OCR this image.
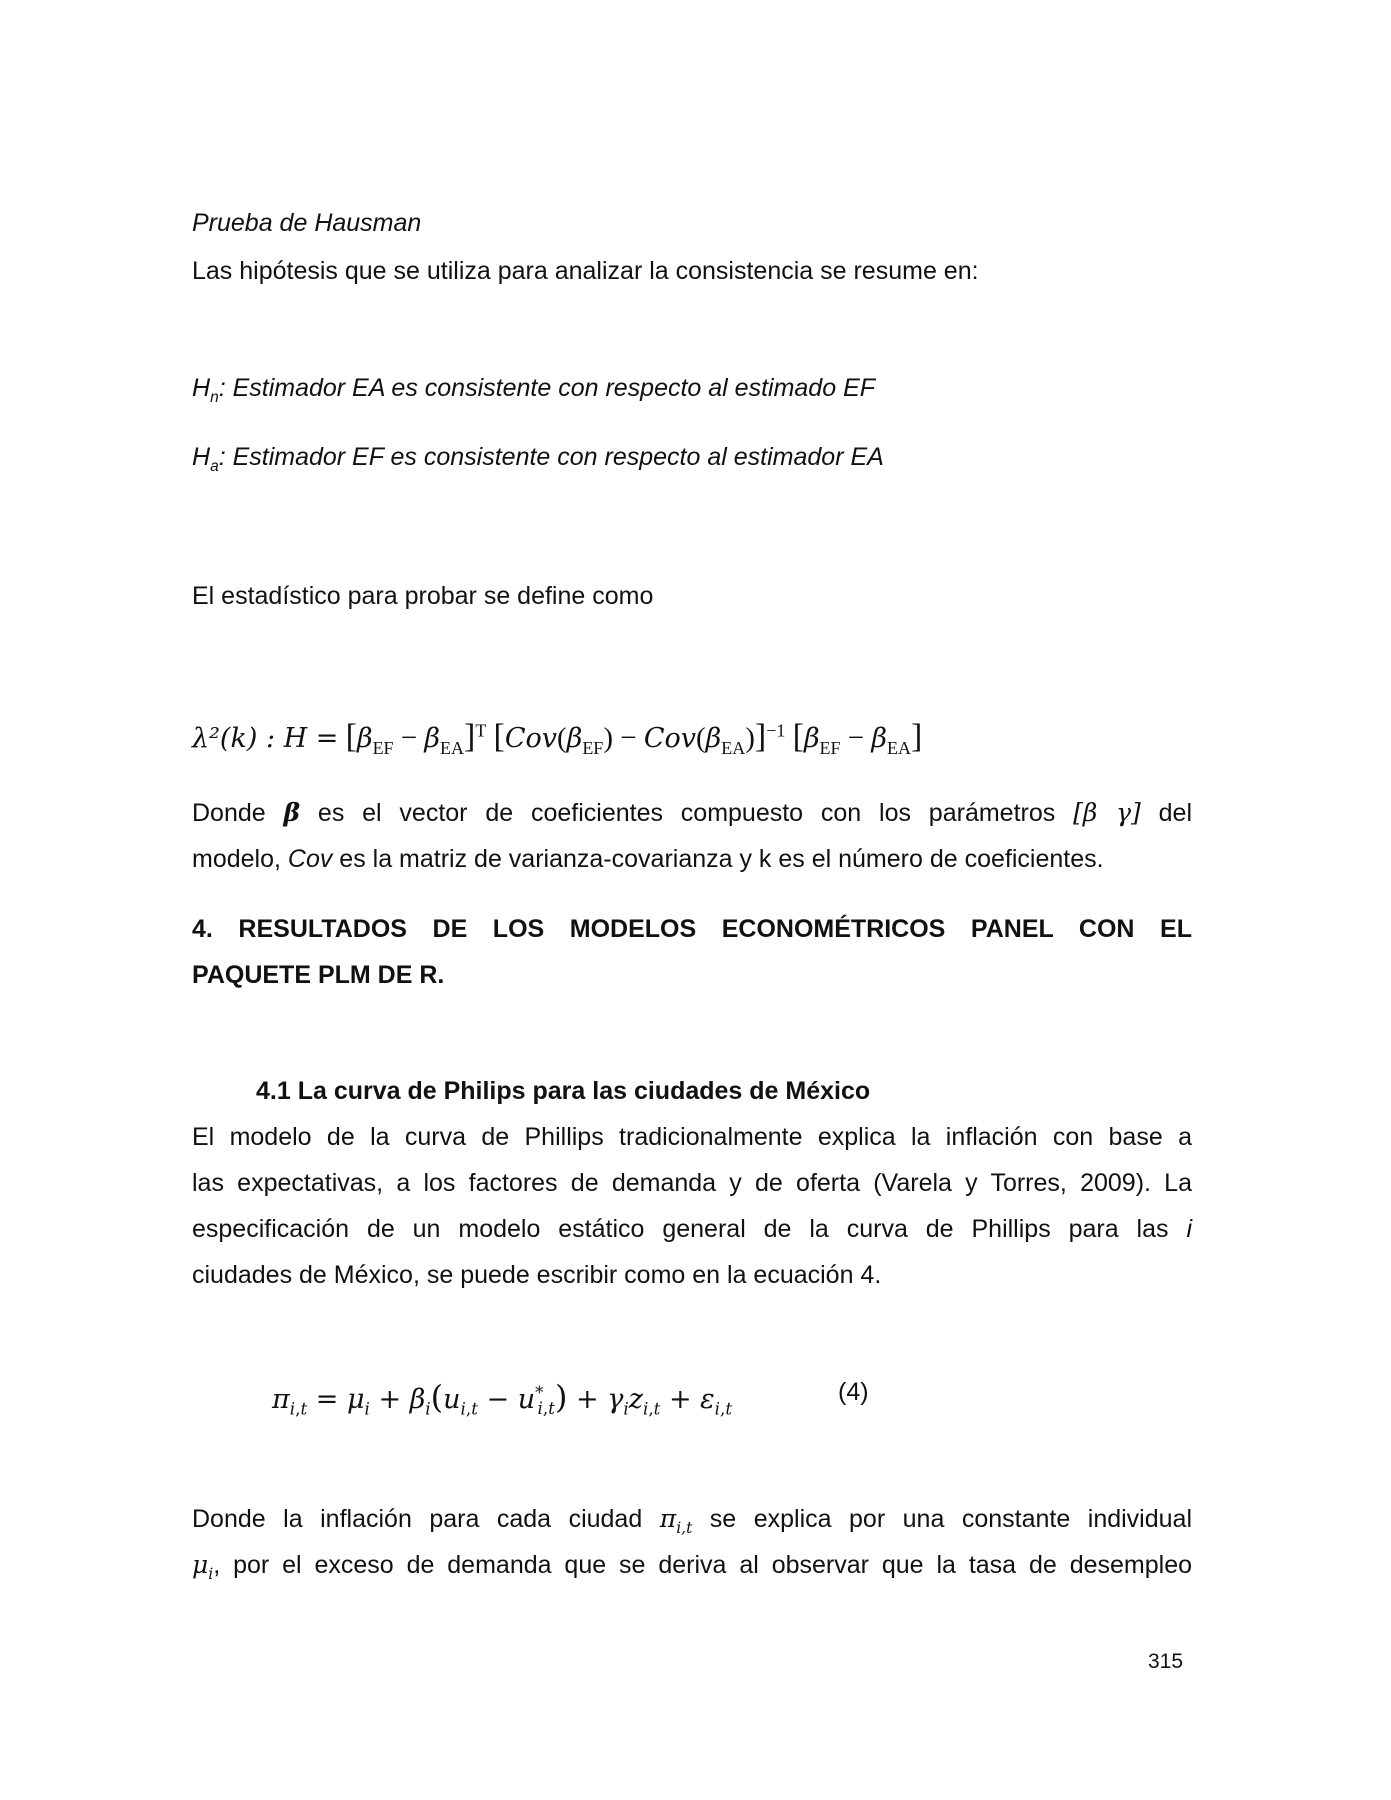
Prueba de Hausman
Las hipótesis que se utiliza para analizar la consistencia se resume en:
$H_n$: Estimador EA es consistente con respecto al estimado EF
$H_a$: Estimador EF es consistente con respecto al estimador EA
El estadístico para probar se define como
λ²(k) : $H = [\beta_{EF} - \beta_{EA}]^T$ $[Cov(\beta_{EF}) - Cov(\beta_{EA})]^{-1}$ $[\beta_{EF} - \beta_{EA}]$
Donde β es el vector de coeficientes compuesto con los parámetros [β γ] del
modelo, Cov es la matriz de varianza-covarianza y k es el número de coeficientes.
4. RESULTADOS DE LOS MODELOS ECONOMÉTRICOS PANEL CON EL
PAQUETE PLM DE R.
4.1 La curva de Philips para las ciudades de México
El modelo de la curva de Phillips tradicionalmente explica la inflación con base a
las expectativas, a los factores de demanda y de oferta (Varela y Torres, 2009). La
especificación de un modelo estático general de la curva de Phillips para las i
ciudades de México, se puede escribir como en la ecuación 4.
$\pi_{i,t} = \mu_i + \beta_i(u_{i,t} - u^*_{i,t}) + \gamma_iz_{i,t} + \varepsilon_{i,t}$
(4)
Donde la inflación para cada ciudad $\pi_{i,t}$ se explica por una constante individual
$\mu_i$, por el exceso de demanda que se deriva al observar que la tasa de desempleo
315
